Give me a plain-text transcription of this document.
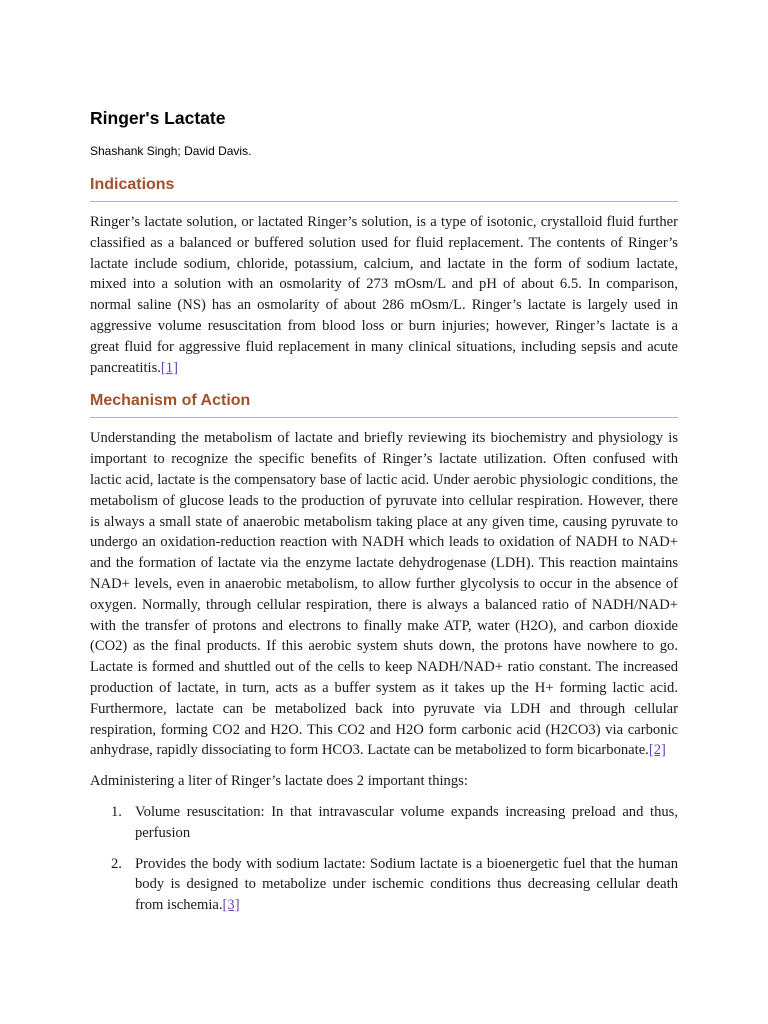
Ringer's Lactate

Shashank Singh; David Davis.

Indications

Ringer’s lactate solution, or lactated Ringer’s solution, is a type of isotonic, crystalloid fluid further classified as a balanced or buffered solution used for fluid replacement. The contents of Ringer’s lactate include sodium, chloride, potassium, calcium, and lactate in the form of sodium lactate, mixed into a solution with an osmolarity of 273 mOsm/L and pH of about 6.5. In comparison, normal saline (NS) has an osmolarity of about 286 mOsm/L. Ringer’s lactate is largely used in aggressive volume resuscitation from blood loss or burn injuries; however, Ringer’s lactate is a great fluid for aggressive fluid replacement in many clinical situations, including sepsis and acute pancreatitis.[1]

Mechanism of Action

Understanding the metabolism of lactate and briefly reviewing its biochemistry and physiology is important to recognize the specific benefits of Ringer’s lactate utilization. Often confused with lactic acid, lactate is the compensatory base of lactic acid. Under aerobic physiologic conditions, the metabolism of glucose leads to the production of pyruvate into cellular respiration. However, there is always a small state of anaerobic metabolism taking place at any given time, causing pyruvate to undergo an oxidation-reduction reaction with NADH which leads to oxidation of NADH to NAD+ and the formation of lactate via the enzyme lactate dehydrogenase (LDH). This reaction maintains NAD+ levels, even in anaerobic metabolism, to allow further glycolysis to occur in the absence of oxygen. Normally, through cellular respiration, there is always a balanced ratio of NADH/NAD+ with the transfer of protons and electrons to finally make ATP, water (H2O), and carbon dioxide (CO2) as the final products. If this aerobic system shuts down, the protons have nowhere to go. Lactate is formed and shuttled out of the cells to keep NADH/NAD+ ratio constant. The increased production of lactate, in turn, acts as a buffer system as it takes up the H+ forming lactic acid. Furthermore, lactate can be metabolized back into pyruvate via LDH and through cellular respiration, forming CO2 and H2O. This CO2 and H2O form carbonic acid (H2CO3) via carbonic anhydrase, rapidly dissociating to form HCO3. Lactate can be metabolized to form bicarbonate.[2]

Administering a liter of Ringer’s lactate does 2 important things:

1. Volume resuscitation: In that intravascular volume expands increasing preload and thus, perfusion
2. Provides the body with sodium lactate: Sodium lactate is a bioenergetic fuel that the human body is designed to metabolize under ischemic conditions thus decreasing cellular death from ischemia.[3]
